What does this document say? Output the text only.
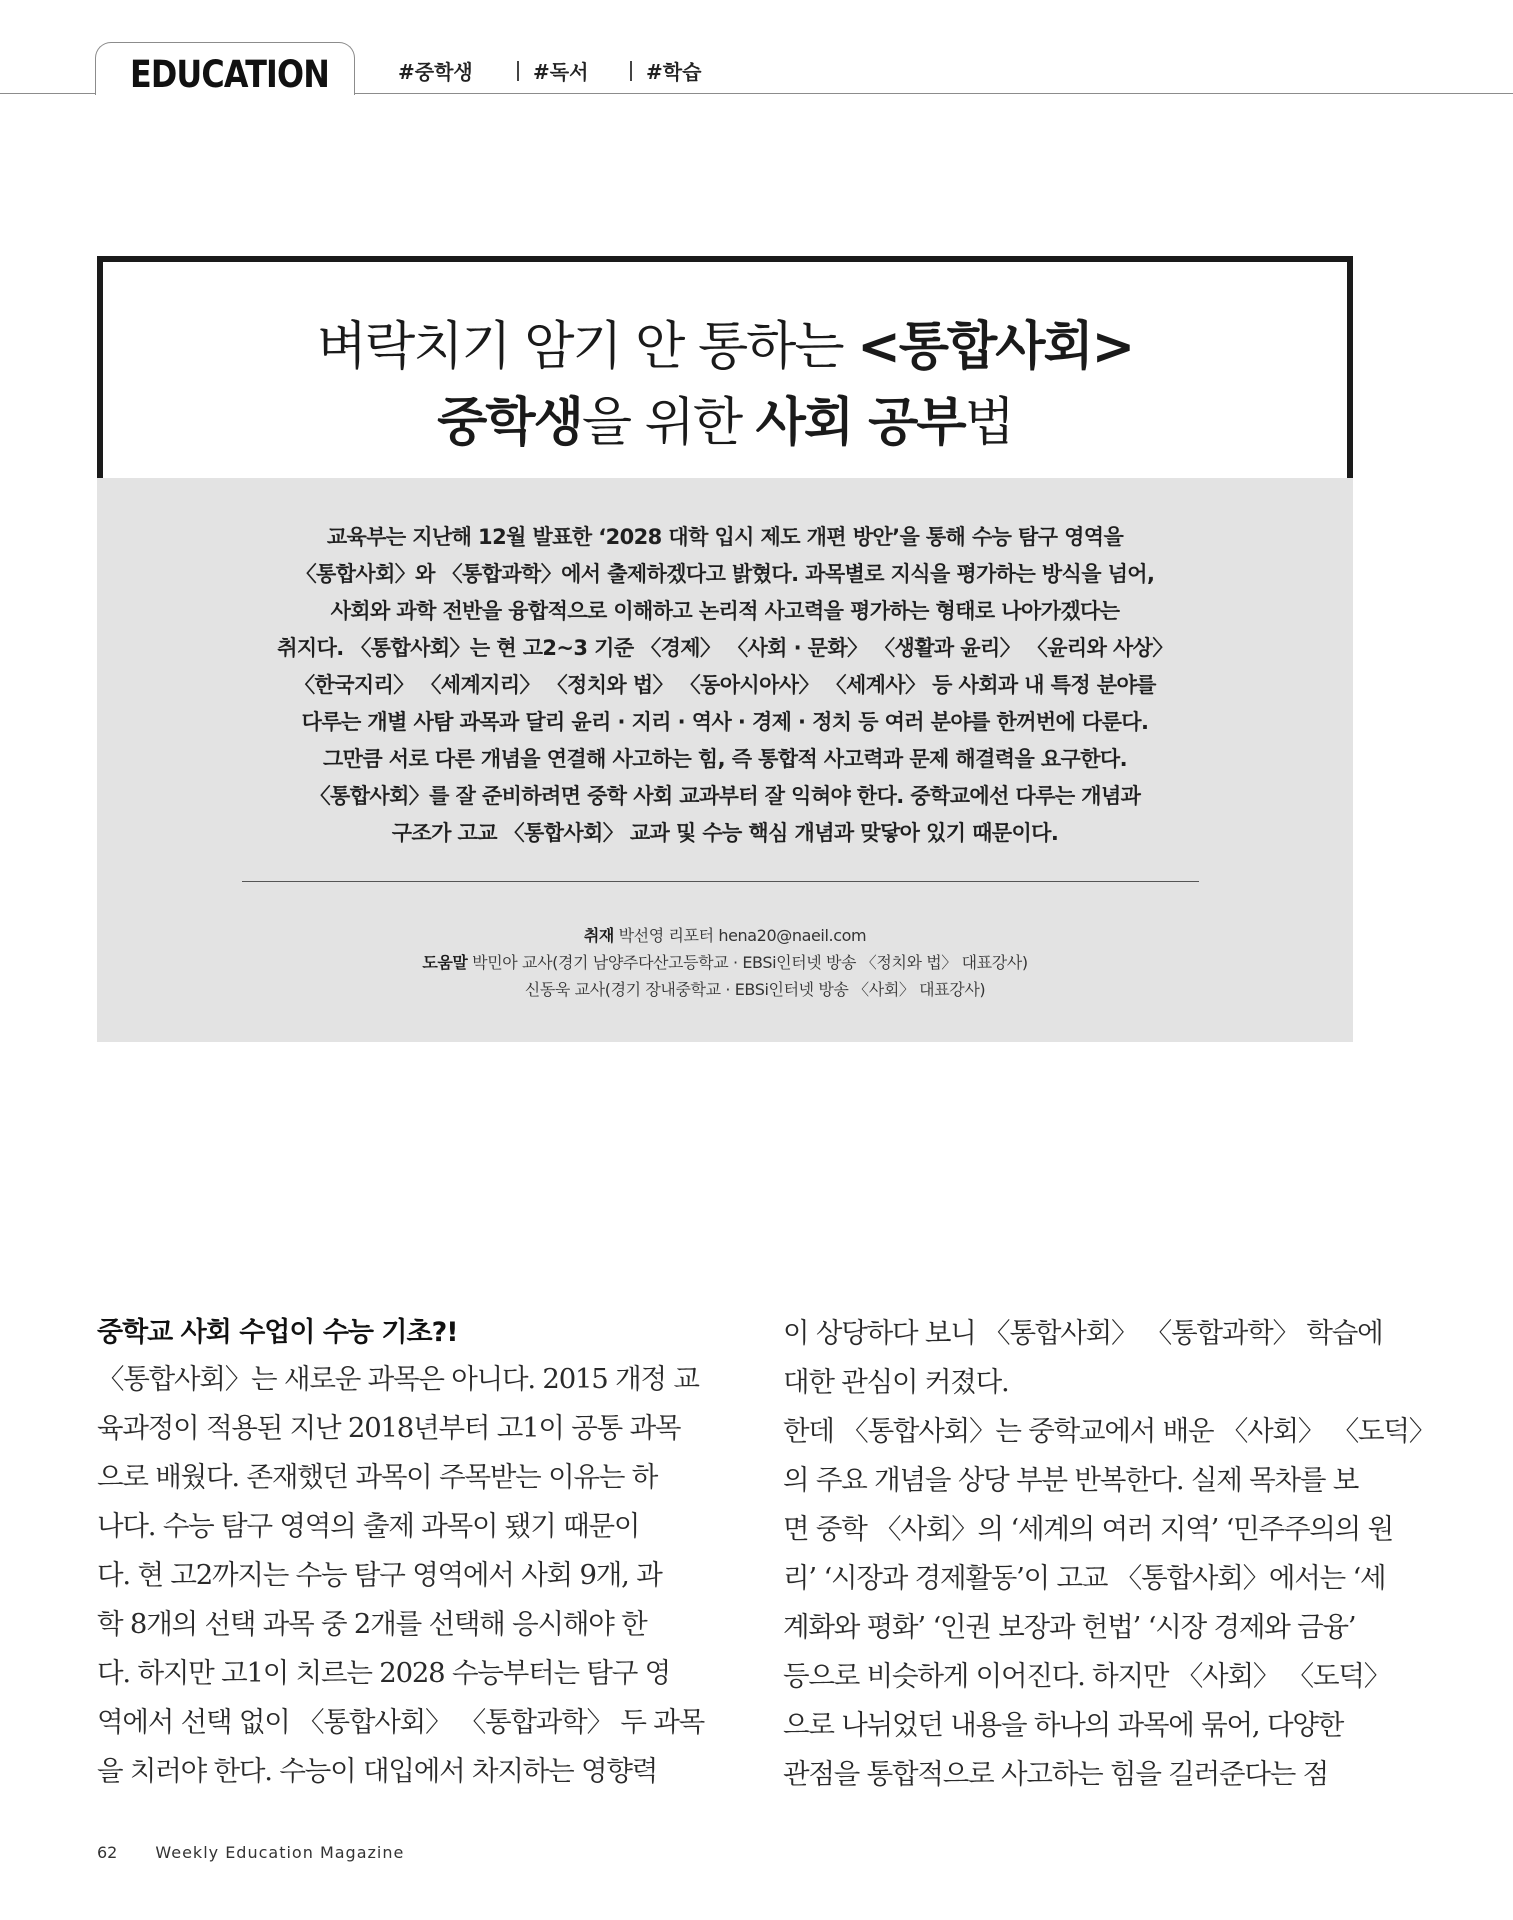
EDUCATION	#중학생	#독서	#학습
벼락치기 암기 안 통하는 <통합사회>
중학생을 위한 사회 공부법
교육부는 지난해 12월 발표한 ‘2028 대학 입시 제도 개편 방안’을 통해 수능 탐구 영역을
〈통합사회〉와 〈통합과학〉에서 출제하겠다고 밝혔다. 과목별로 지식을 평가하는 방식을 넘어,
사회와 과학 전반을 융합적으로 이해하고 논리적 사고력을 평가하는 형태로 나아가겠다는
취지다. 〈통합사회〉는 현 고2~3 기준 〈경제〉 〈사회 · 문화〉 〈생활과 윤리〉 〈윤리와 사상〉
〈한국지리〉 〈세계지리〉 〈정치와 법〉 〈동아시아사〉 〈세계사〉 등 사회과 내 특정 분야를
다루는 개별 사탐 과목과 달리 윤리 · 지리 · 역사 · 경제 · 정치 등 여러 분야를 한꺼번에 다룬다.
그만큼 서로 다른 개념을 연결해 사고하는 힘, 즉 통합적 사고력과 문제 해결력을 요구한다.
〈통합사회〉를 잘 준비하려면 중학 사회 교과부터 잘 익혀야 한다. 중학교에선 다루는 개념과
구조가 고교 〈통합사회〉 교과 및 수능 핵심 개념과 맞닿아 있기 때문이다.
취재 박선영 리포터 hena20@naeil.com
도움말 박민아 교사(경기 남양주다산고등학교 · EBSi인터넷 방송 〈정치와 법〉 대표강사)
신동욱 교사(경기 장내중학교 · EBSi인터넷 방송 〈사회〉 대표강사)
중학교 사회 수업이 수능 기초?!
〈통합사회〉는 새로운 과목은 아니다. 2015 개정 교
육과정이 적용된 지난 2018년부터 고1이 공통 과목
으로 배웠다. 존재했던 과목이 주목받는 이유는 하
나다. 수능 탐구 영역의 출제 과목이 됐기 때문이
다. 현 고2까지는 수능 탐구 영역에서 사회 9개, 과
학 8개의 선택 과목 중 2개를 선택해 응시해야 한
다. 하지만 고1이 치르는 2028 수능부터는 탐구 영
역에서 선택 없이 〈통합사회〉 〈통합과학〉 두 과목
을 치러야 한다. 수능이 대입에서 차지하는 영향력
이 상당하다 보니 〈통합사회〉 〈통합과학〉 학습에
대한 관심이 커졌다.
한데 〈통합사회〉는 중학교에서 배운 〈사회〉 〈도덕〉
의 주요 개념을 상당 부분 반복한다. 실제 목차를 보
면 중학 〈사회〉의 ‘세계의 여러 지역’ ‘민주주의의 원
리’ ‘시장과 경제활동’이 고교 〈통합사회〉에서는 ‘세
계화와 평화’ ‘인권 보장과 헌법’ ‘시장 경제와 금융’
등으로 비슷하게 이어진다. 하지만 〈사회〉 〈도덕〉
으로 나뉘었던 내용을 하나의 과목에 묶어, 다양한
관점을 통합적으로 사고하는 힘을 길러준다는 점
62 Weekly Education Magazine
